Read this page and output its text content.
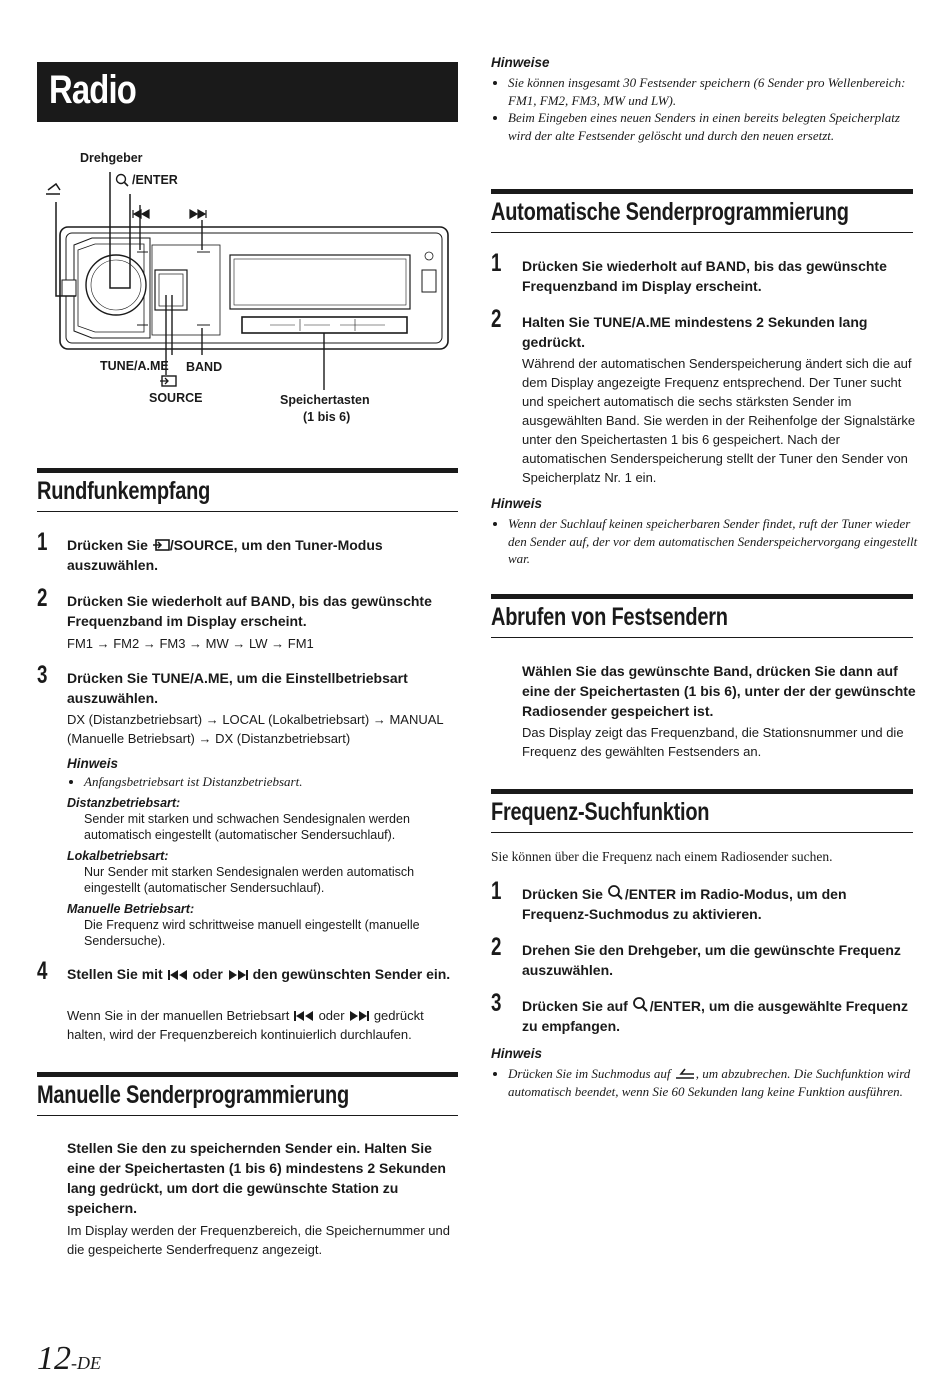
Radio
Drehgeber
/ENTER
TUNE/A.ME BAND
SOURCE	Speichertasten
(1 bis 6)
Rundfunkempfang
1 Drücken Sie /SOURCE, um den Tuner-Modus auszuwählen.
2 Drücken Sie wiederholt auf BAND, bis das gewünschte Frequenzband im Display erscheint.
FM1 → FM2 → FM3 → MW → LW → FM1
3 Drücken Sie TUNE/A.ME, um die Einstellbetriebsart auszuwählen.
DX (Distanzbetriebsart) → LOCAL (Lokalbetriebsart) → MANUAL (Manuelle Betriebsart) → DX (Distanzbetriebsart)
Hinweis
• Anfangsbetriebsart ist Distanzbetriebsart.
Distanzbetriebsart:
Sender mit starken und schwachen Sendesignalen werden automatisch eingestellt (automatischer Sendersuchlauf).
Lokalbetriebsart:
Nur Sender mit starken Sendesignalen werden automatisch eingestellt (automatischer Sendersuchlauf).
Manuelle Betriebsart:
Die Frequenz wird schrittweise manuell eingestellt (manuelle Sendersuche).
4 Stellen Sie mit  oder  den gewünschten Sender ein.
Wenn Sie in der manuellen Betriebsart  oder  gedrückt halten, wird der Frequenzbereich kontinuierlich durchlaufen.
Manuelle Senderprogrammierung
Stellen Sie den zu speichernden Sender ein. Halten Sie eine der Speichertasten (1 bis 6) mindestens 2 Sekunden lang gedrückt, um dort die gewünschte Station zu speichern.
Im Display werden der Frequenzbereich, die Speichernummer und die gespeicherte Senderfrequenz angezeigt.
12-DE
Hinweise
• Sie können insgesamt 30 Festsender speichern (6 Sender pro Wellenbereich: FM1, FM2, FM3, MW und LW).
• Beim Eingeben eines neuen Senders in einen bereits belegten Speicherplatz wird der alte Festsender gelöscht und durch den neuen ersetzt.
Automatische Senderprogrammierung
1 Drücken Sie wiederholt auf BAND, bis das gewünschte Frequenzband im Display erscheint.
2 Halten Sie TUNE/A.ME mindestens 2 Sekunden lang gedrückt.
Während der automatischen Senderspeicherung ändert sich die auf dem Display angezeigte Frequenz entsprechend. Der Tuner sucht und speichert automatisch die sechs stärksten Sender im ausgewählten Band. Sie werden in der Reihenfolge der Signalstärke unter den Speichertasten 1 bis 6 gespeichert. Nach der automatischen Senderspeicherung stellt der Tuner den Sender von Speicherplatz Nr. 1 ein.
Hinweis
• Wenn der Suchlauf keinen speicherbaren Sender findet, ruft der Tuner wieder den Sender auf, der vor dem automatischen Senderspeichervorgang eingestellt war.
Abrufen von Festsendern
Wählen Sie das gewünschte Band, drücken Sie dann auf eine der Speichertasten (1 bis 6), unter der der gewünschte Radiosender gespeichert ist.
Das Display zeigt das Frequenzband, die Stationsnummer und die Frequenz des gewählten Festsenders an.
Frequenz-Suchfunktion
Sie können über die Frequenz nach einem Radiosender suchen.
1 Drücken Sie /ENTER im Radio-Modus, um den Frequenz-Suchmodus zu aktivieren.
2 Drehen Sie den Drehgeber, um die gewünschte Frequenz auszuwählen.
3 Drücken Sie auf /ENTER, um die ausgewählte Frequenz zu empfangen.
Hinweis
• Drücken Sie im Suchmodus auf , um abzubrechen. Die Suchfunktion wird automatisch beendet, wenn Sie 60 Sekunden lang keine Funktion ausführen.
